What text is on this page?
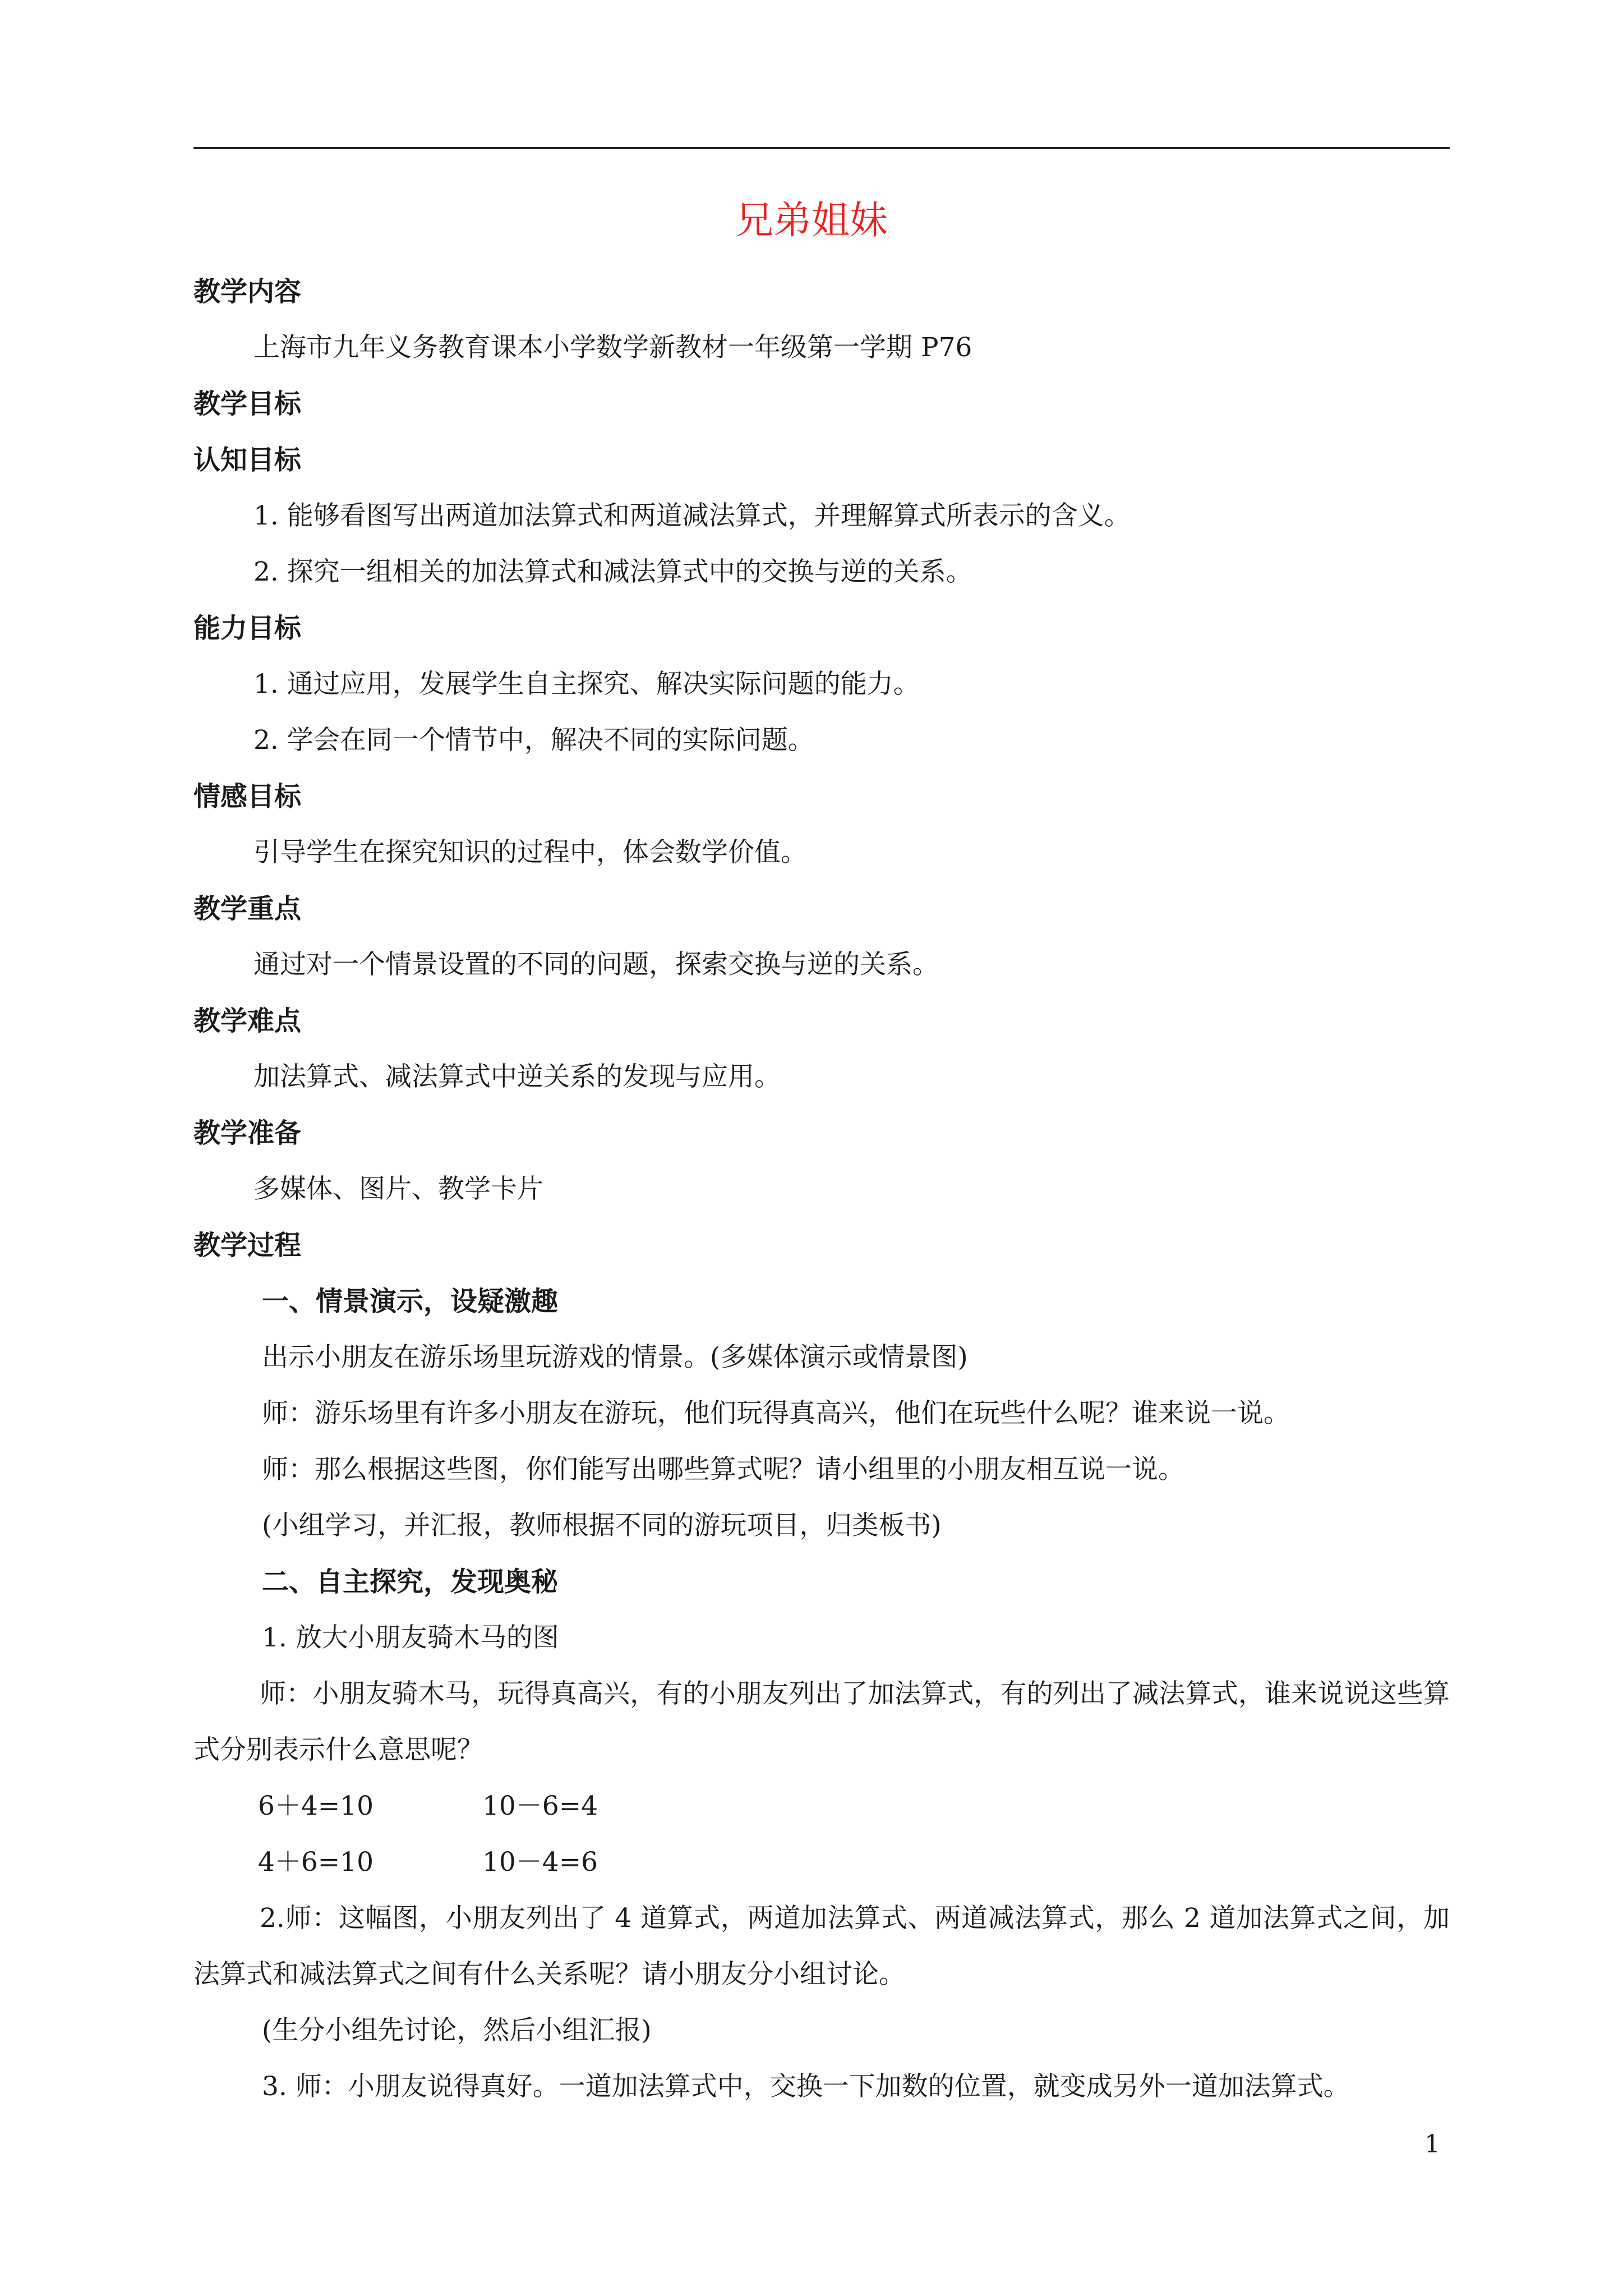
兄弟姐妹
教学内容
上海市九年义务教育课本小学数学新教材一年级第一学期 P76
教学目标
认知目标
1. 能够看图写出两道加法算式和两道减法算式，并理解算式所表示的含义。
2. 探究一组相关的加法算式和减法算式中的交换与逆的关系。
能力目标
1. 通过应用，发展学生自主探究、解决实际问题的能力。
2. 学会在同一个情节中，解决不同的实际问题。
情感目标
引导学生在探究知识的过程中，体会数学价值。
教学重点
通过对一个情景设置的不同的问题，探索交换与逆的关系。
教学难点
加法算式、减法算式中逆关系的发现与应用。
教学准备
多媒体、图片、教学卡片
教学过程
一、情景演示，设疑激趣
出示小朋友在游乐场里玩游戏的情景。(多媒体演示或情景图)
师：游乐场里有许多小朋友在游玩，他们玩得真高兴，他们在玩些什么呢？谁来说一说。
师：那么根据这些图，你们能写出哪些算式呢？请小组里的小朋友相互说一说。
(小组学习，并汇报，教师根据不同的游玩项目，归类板书)
二、自主探究，发现奥秘
1. 放大小朋友骑木马的图
师：小朋友骑木马，玩得真高兴，有的小朋友列出了加法算式，有的列出了减法算式，谁来说说这些算式分别表示什么意思呢？
6＋4=10	10－6=4
4＋6=10	10－4=6
2.师：这幅图，小朋友列出了 4 道算式，两道加法算式、两道减法算式，那么 2 道加法算式之间，加法算式和减法算式之间有什么关系呢？请小朋友分小组讨论。
(生分小组先讨论，然后小组汇报)
3. 师：小朋友说得真好。一道加法算式中，交换一下加数的位置，就变成另外一道加法算式。
1
